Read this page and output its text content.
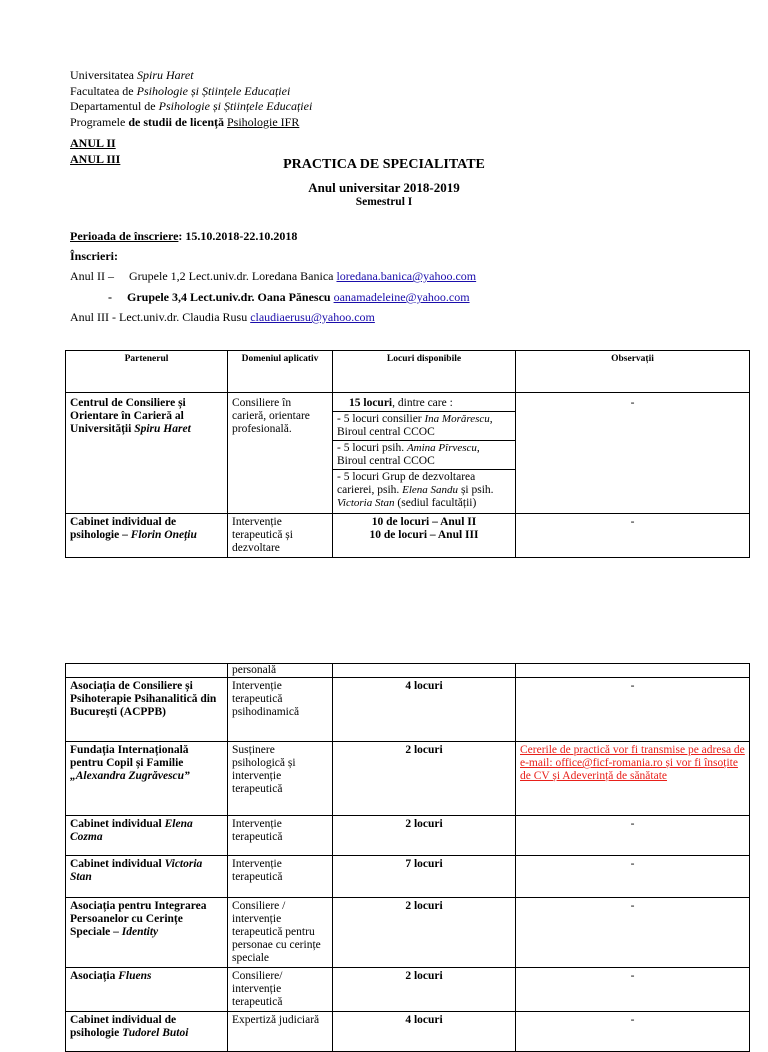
Universitatea Spiru Haret
Facultatea de Psihologie și Științele Educației
Departamentul de Psihologie și Științele Educației
Programele de studii de licență Psihologie IFR
ANUL II
ANUL III	PRACTICA DE SPECIALITATE
Anul universitar 2018-2019
Semestrul I
Perioada de înscriere: 15.10.2018-22.10.2018
Înscrieri:
Anul II –     Grupele 1,2 Lect.univ.dr. Loredana Banica loredana.banica@yahoo.com
-     Grupele 3,4 Lect.univ.dr. Oana Pănescu oanamadeleine@yahoo.com
Anul III - Lect.univ.dr. Claudia Rusu claudiaerusu@yahoo.com
Partenerul	Domeniul aplicativ	Locuri disponibile	Observații
Centrul de Consiliere și Orientare în Carieră al Universității Spiru Haret	Consiliere în carieră, orientare profesională.	15 locuri, dintre care :
- 5 locuri consilier Ina Morărescu, Biroul central CCOC
- 5 locuri psih. Amina Pîrvescu, Biroul central CCOC
- 5 locuri Grup de dezvoltarea carierei, psih. Elena Sandu și psih. Victoria Stan (sediul facultății)	-
Cabinet individual de psihologie – Florin Onețiu	Intervenție terapeutică și dezvoltare	10 de locuri – Anul II
10 de locuri – Anul III	-
	personală		
Asociația de Consiliere și Psihoterapie Psihanalitică din București (ACPPB)	Intervenție terapeutică psihodinamică	4 locuri	-
Fundația Internațională pentru Copil și Familie „Alexandra Zugrăvescu”	Susținere psihologică și intervenție terapeutică	2 locuri	Cererile de practică vor fi transmise pe adresa de e-mail: office@ficf-romania.ro și vor fi însoțite de CV și Adeverință de sănătate
Cabinet individual Elena Cozma	Intervenție terapeutică	2 locuri	-
Cabinet individual Victoria Stan	Intervenție terapeutică	7 locuri	-
Asociația pentru Integrarea Persoanelor cu Cerințe Speciale – Identity	Consiliere / intervenție terapeutică pentru personae cu cerințe speciale	2 locuri	-
Asociația Fluens	Consiliere/ intervenție terapeutică	2 locuri	-
Cabinet individual de psihologie Tudorel Butoi	Expertiză judiciară	4 locuri	-
